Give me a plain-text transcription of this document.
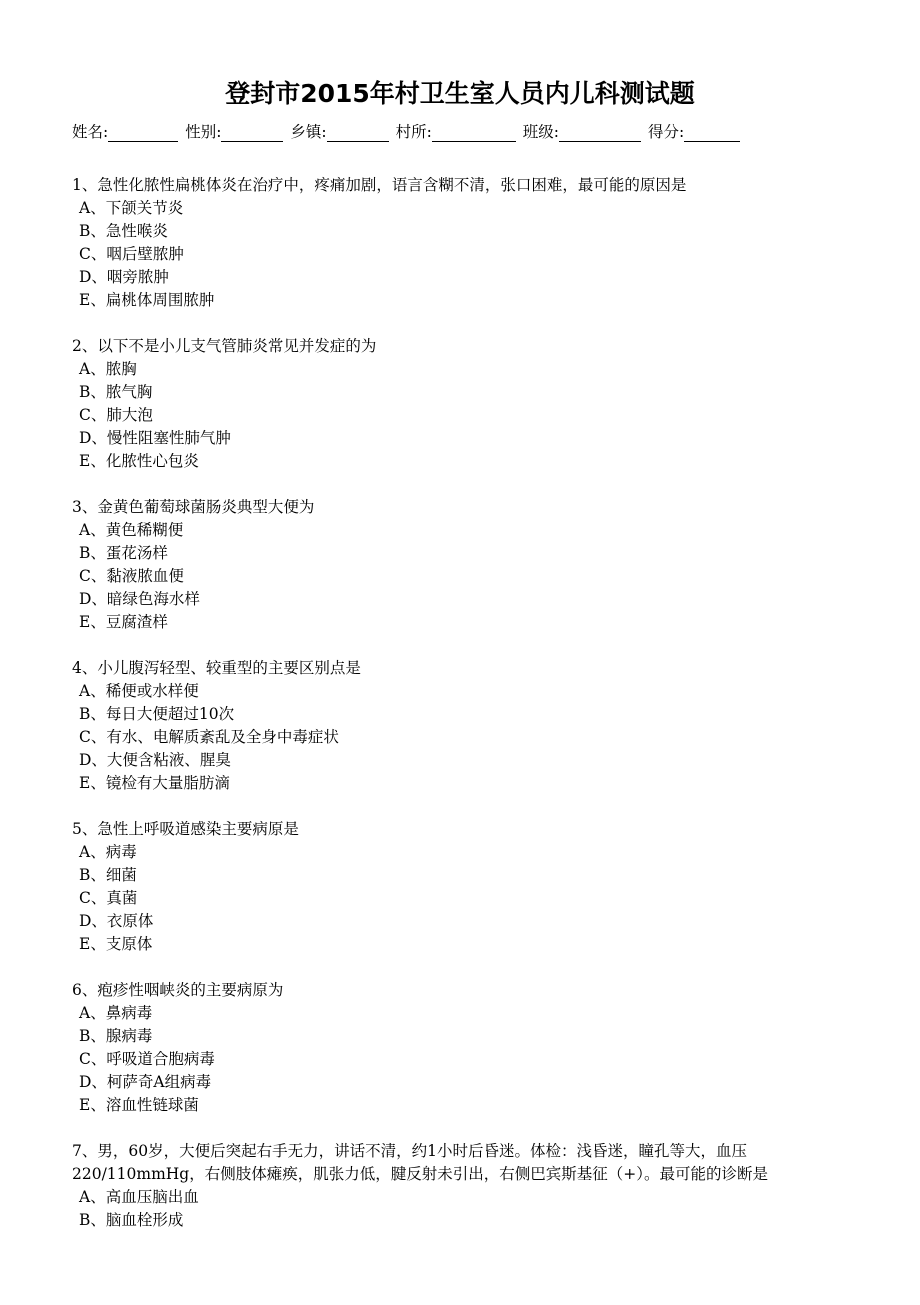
登封市2015年村卫生室人员内儿科测试题
姓名:	性别:	乡镇:	村所:	班级:	得分:

1、急性化脓性扁桃体炎在治疗中，疼痛加剧，语言含糊不清，张口困难，最可能的原因是

A、下颌关节炎

B、急性喉炎

C、咽后壁脓肿

D、咽旁脓肿

E、扁桃体周围脓肿

2、以下不是小儿支气管肺炎常见并发症的为

A、脓胸

B、脓气胸

C、肺大泡

D、慢性阻塞性肺气肿

E、化脓性心包炎

3、金黄色葡萄球菌肠炎典型大便为

A、黄色稀糊便

B、蛋花汤样

C、黏液脓血便

D、暗绿色海水样

E、豆腐渣样

4、小儿腹泻轻型、较重型的主要区别点是

A、稀便或水样便

B、每日大便超过10次

C、有水、电解质紊乱及全身中毒症状

D、大便含粘液、腥臭

E、镜检有大量脂肪滴

5、急性上呼吸道感染主要病原是

A、病毒

B、细菌

C、真菌

D、衣原体

E、支原体

6、疱疹性咽峡炎的主要病原为

A、鼻病毒

B、腺病毒

C、呼吸道合胞病毒

D、柯萨奇A组病毒

E、溶血性链球菌

7、男，60岁，大便后突起右手无力，讲话不清，约1小时后昏迷。体检：浅昏迷，瞳孔等大，血压220/110mmHg，右侧肢体瘫痪，肌张力低，腱反射未引出，右侧巴宾斯基征（+）。最可能的诊断是

A、高血压脑出血

B、脑血栓形成
